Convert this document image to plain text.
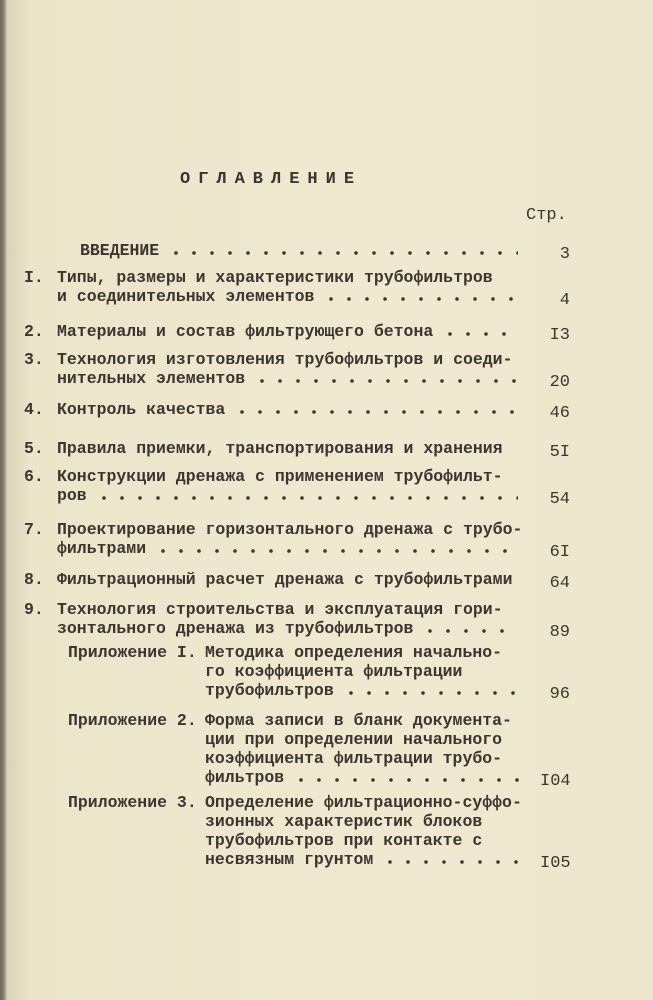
ОГЛАВЛЕНИЕ
Стр.
ВВЕДЕНИЕ	3
I. Типы, размеры и характеристики трубофильтров
и соединительных элементов	4
2. Материалы и состав фильтрующего бетона	I3
3. Технология изготовления трубофильтров и соеди-
нительных элементов	20
4. Контроль качества	46
5. Правила приемки, транспортирования и хранения	5I
6. Конструкции дренажа с применением трубофильт-
ров	54
7. Проектирование горизонтального дренажа с трубо-
фильтрами	6I
8. Фильтрационный расчет дренажа с трубофильтрами	64
9. Технология строительства и эксплуатация гори-
зонтального дренажа из трубофильтров	89
Приложение I. Методика определения начально-
го коэффициента фильтрации
трубофильтров	96
Приложение 2. Форма записи в бланк документа-
ции при определении начального
коэффициента фильтрации трубо-
фильтров	I04
Приложение 3. Определение фильтрационно-суффо-
зионных характеристик блоков
трубофильтров при контакте с
несвязным грунтом	I05
